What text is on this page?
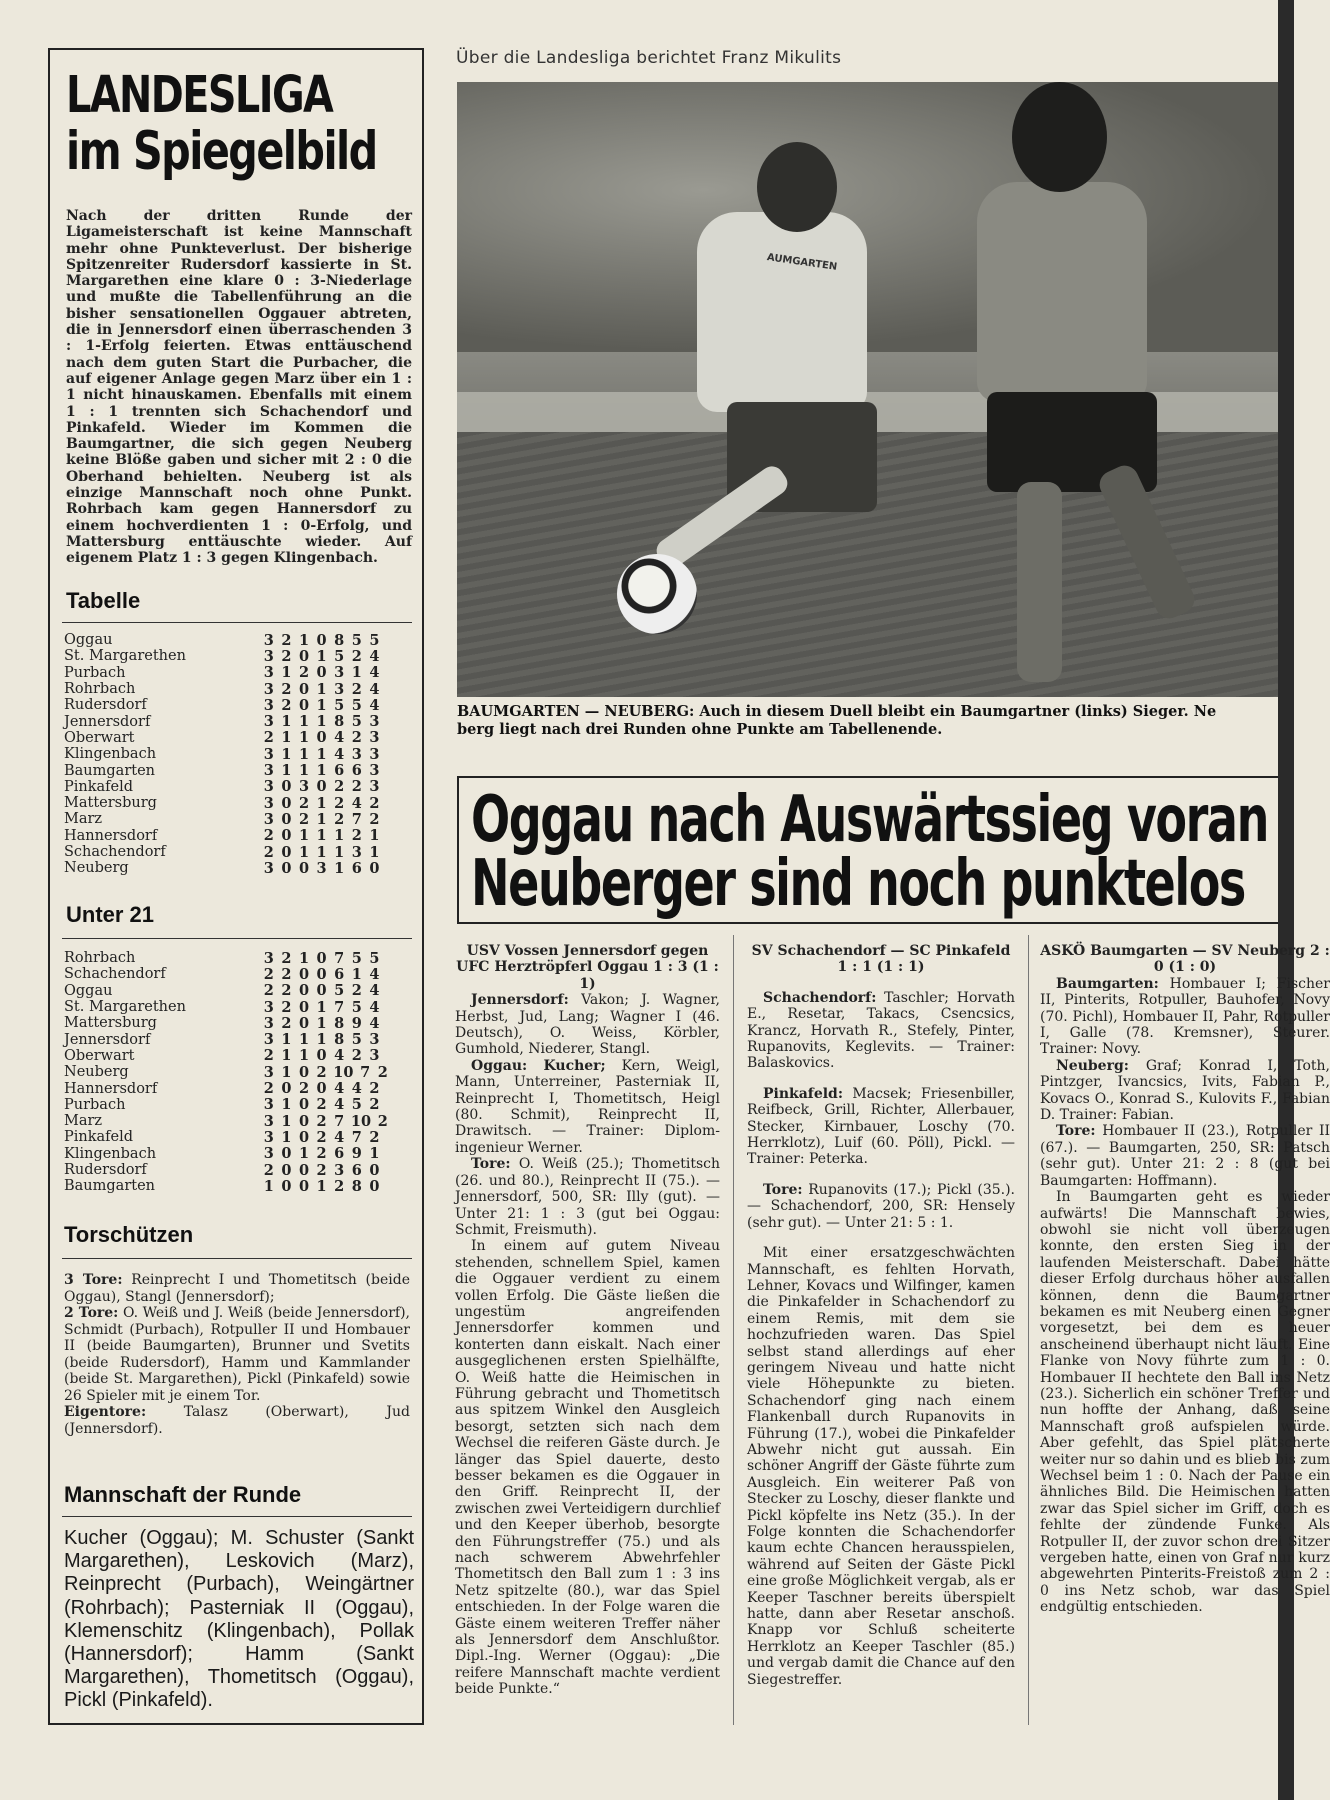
LANDESLIGA
im Spiegelbild

Nach der dritten Runde der Ligameisterschaft ist keine Mannschaft mehr ohne Punkteverlust. Der bisherige Spitzenreiter Rudersdorf kassierte in St. Margarethen eine klare 0 : 3-Niederlage und mußte die Tabellenführung an die bisher sensationellen Oggauer abtreten, die in Jennersdorf einen überraschenden 3 : 1-Erfolg feierten. Etwas enttäuschend nach dem guten Start die Purbacher, die auf eigener Anlage gegen Marz über ein 1 : 1 nicht hinauskamen. Ebenfalls mit einem 1 : 1 trennten sich Schachendorf und Pinkafeld. Wieder im Kommen die Baumgartner, die sich gegen Neuberg keine Blöße gaben und sicher mit 2 : 0 die Oberhand behielten. Neuberg ist als einzige Mannschaft noch ohne Punkt. Rohrbach kam gegen Hannersdorf zu einem hochverdienten 1 : 0-Erfolg, und Mattersburg enttäuschte wieder. Auf eigenem Platz 1 : 3 gegen Klingenbach.

Tabelle
Oggau	3 2 1 0 8 5 5
St. Margarethen	3 2 0 1 5 2 4
Purbach	3 1 2 0 3 1 4
Rohrbach	3 2 0 1 3 2 4
Rudersdorf	3 2 0 1 5 5 4
Jennersdorf	3 1 1 1 8 5 3
Oberwart	2 1 1 0 4 2 3
Klingenbach	3 1 1 1 4 3 3
Baumgarten	3 1 1 1 6 6 3
Pinkafeld	3 0 3 0 2 2 3
Mattersburg	3 0 2 1 2 4 2
Marz	3 0 2 1 2 7 2
Hannersdorf	2 0 1 1 1 2 1
Schachendorf	2 0 1 1 1 3 1
Neuberg	3 0 0 3 1 6 0
Unter 21
Rohrbach	3 2 1 0 7 5 5
Schachendorf	2 2 0 0 6 1 4
Oggau	2 2 0 0 5 2 4
St. Margarethen	3 2 0 1 7 5 4
Mattersburg	3 2 0 1 8 9 4
Jennersdorf	3 1 1 1 8 5 3
Oberwart	2 1 1 0 4 2 3
Neuberg	3 1 0 2 10 7 2
Hannersdorf	2 0 2 0 4 4 2
Purbach	3 1 0 2 4 5 2
Marz	3 1 0 2 7 10 2
Pinkafeld	3 1 0 2 4 7 2
Klingenbach	3 0 1 2 6 9 1
Rudersdorf	2 0 0 2 3 6 0
Baumgarten	1 0 0 1 2 8 0
Torschützen
3 Tore: Reinprecht I und Thometitsch (beide Oggau), Stangl (Jennersdorf);
2 Tore: O. Weiß und J. Weiß (beide Jennersdorf), Schmidt (Purbach), Rotpuller II und Hombauer II (beide Baumgarten), Brunner und Svetits (beide Rudersdorf), Hamm und Kammlander (beide St. Margarethen), Pickl (Pinkafeld) sowie 26 Spieler mit je einem Tor.
Eigentore: Talasz (Oberwart), Jud (Jennersdorf).
Mannschaft der Runde

Kucher (Oggau); M. Schuster (Sankt Margarethen), Leskovich (Marz), Reinprecht (Purbach), Weingärtner (Rohrbach); Pasterniak II (Oggau), Klemenschitz (Klingenbach), Pollak (Hannersdorf); Hamm (Sankt Margarethen), Thometitsch (Oggau), Pickl (Pinkafeld).

Über die Landesliga berichtet Franz Mikulits
AUMGARTEN
BAUMGARTEN — NEUBERG: Auch in diesem Duell bleibt ein Baumgartner (links) Sieger. Ne
berg liegt nach drei Runden ohne Punkte am Tabellenende.
Oggau nach Auswärtssieg voran
Neuberger sind noch punktelos

USV Vossen Jennersdorf gegen UFC Herztröpferl Oggau 1 : 3 (1 : 1)

Jennersdorf: Vakon; J. Wagner, Herbst, Jud, Lang; Wagner I (46. Deutsch), O. Weiss, Körbler, Gumhold, Niederer, Stangl.

Oggau: Kucher; Kern, Weigl, Mann, Unterreiner, Pasterniak II, Reinprecht I, Thometitsch, Heigl (80. Schmit), Reinprecht II, Drawitsch. — Trainer: Diplom-ingenieur Werner.

Tore: O. Weiß (25.); Thometitsch (26. und 80.), Reinprecht II (75.). — Jennersdorf, 500, SR: Illy (gut). — Unter 21: 1 : 3 (gut bei Oggau: Schmit, Freismuth).

In einem auf gutem Niveau stehenden, schnellem Spiel, kamen die Oggauer verdient zu einem vollen Erfolg. Die Gäste ließen die ungestüm angreifenden Jennersdorfer kommen und konterten dann eiskalt. Nach einer ausgeglichenen ersten Spielhälfte, O. Weiß hatte die Heimischen in Führung gebracht und Thometitsch aus spitzem Winkel den Ausgleich besorgt, setzten sich nach dem Wechsel die reiferen Gäste durch. Je länger das Spiel dauerte, desto besser bekamen es die Oggauer in den Griff. Reinprecht II, der zwischen zwei Verteidigern durchlief und den Keeper überhob, besorgte den Führungstreffer (75.) und als nach schwerem Abwehrfehler Thometitsch den Ball zum 1 : 3 ins Netz spitzelte (80.), war das Spiel entschieden. In der Folge waren die Gäste einem weiteren Treffer näher als Jennersdorf dem Anschlußtor. Dipl.-Ing. Werner (Oggau): „Die reifere Mannschaft machte verdient beide Punkte.“

SV Schachendorf — SC Pinkafeld 1 : 1 (1 : 1)

Schachendorf: Taschler; Horvath E., Resetar, Takacs, Csencsics, Krancz, Horvath R., Stefely, Pinter, Rupanovits, Keglevits. — Trainer: Balaskovics.

Pinkafeld: Macsek; Friesenbiller, Reifbeck, Grill, Richter, Allerbauer, Stecker, Kirnbauer, Loschy (70. Herrklotz), Luif (60. Pöll), Pickl. — Trainer: Peterka.

Tore: Rupanovits (17.); Pickl (35.). — Schachendorf, 200, SR: Hensely (sehr gut). — Unter 21: 5 : 1.

Mit einer ersatzgeschwächten Mannschaft, es fehlten Horvath, Lehner, Kovacs und Wilfinger, kamen die Pinkafelder in Schachendorf zu einem Remis, mit dem sie hochzufrieden waren. Das Spiel selbst stand allerdings auf eher geringem Niveau und hatte nicht viele Höhepunkte zu bieten. Schachendorf ging nach einem Flankenball durch Rupanovits in Führung (17.), wobei die Pinkafelder Abwehr nicht gut aussah. Ein schöner Angriff der Gäste führte zum Ausgleich. Ein weiterer Paß von Stecker zu Loschy, dieser flankte und Pickl köpfelte ins Netz (35.). In der Folge konnten die Schachendorfer kaum echte Chancen herausspielen, während auf Seiten der Gäste Pickl eine große Möglichkeit vergab, als er Keeper Taschner bereits überspielt hatte, dann aber Resetar anschoß. Knapp vor Schluß scheiterte Herrklotz an Keeper Taschler (85.) und vergab damit die Chance auf den Siegestreffer.

ASKÖ Baumgarten — SV Neuberg 2 : 0 (1 : 0)

Baumgarten: Hombauer I; Fischer II, Pinterits, Rotpuller, Bauhofer, Novy (70. Pichl), Hombauer II, Pahr, Rotpuller I, Galle (78. Kremsner), Steurer. Trainer: Novy.

Neuberg: Graf; Konrad I, Toth, Pintzger, Ivancsics, Ivits, Fabian P., Kovacs O., Konrad S., Kulovits F., Fabian D. Trainer: Fabian.

Tore: Hombauer II (23.), Rotpuller II (67.). — Baumgarten, 250, SR: Patsch (sehr gut). Unter 21: 2 : 8 (gut bei Baumgarten: Hoffmann).

In Baumgarten geht es wieder aufwärts! Die Mannschaft bewies, obwohl sie nicht voll überzeugen konnte, den ersten Sieg in der laufenden Meisterschaft. Dabei hätte dieser Erfolg durchaus höher ausfallen können, denn die Baumgartner bekamen es mit Neuberg einen Gegner vorgesetzt, bei dem es heuer anscheinend überhaupt nicht läuft. Eine Flanke von Novy führte zum 1 : 0. Hombauer II hechtete den Ball ins Netz (23.). Sicherlich ein schöner Treffer und nun hoffte der Anhang, daß seine Mannschaft groß aufspielen würde. Aber gefehlt, das Spiel plätscherte weiter nur so dahin und es blieb bis zum Wechsel beim 1 : 0. Nach der Pause ein ähnliches Bild. Die Heimischen hatten zwar das Spiel sicher im Griff, doch es fehlte der zündende Funke. Als Rotpuller II, der zuvor schon drei Sitzer vergeben hatte, einen von Graf nur kurz abgewehrten Pinterits-Freistoß zum 2 : 0 ins Netz schob, war das Spiel endgültig entschieden.
